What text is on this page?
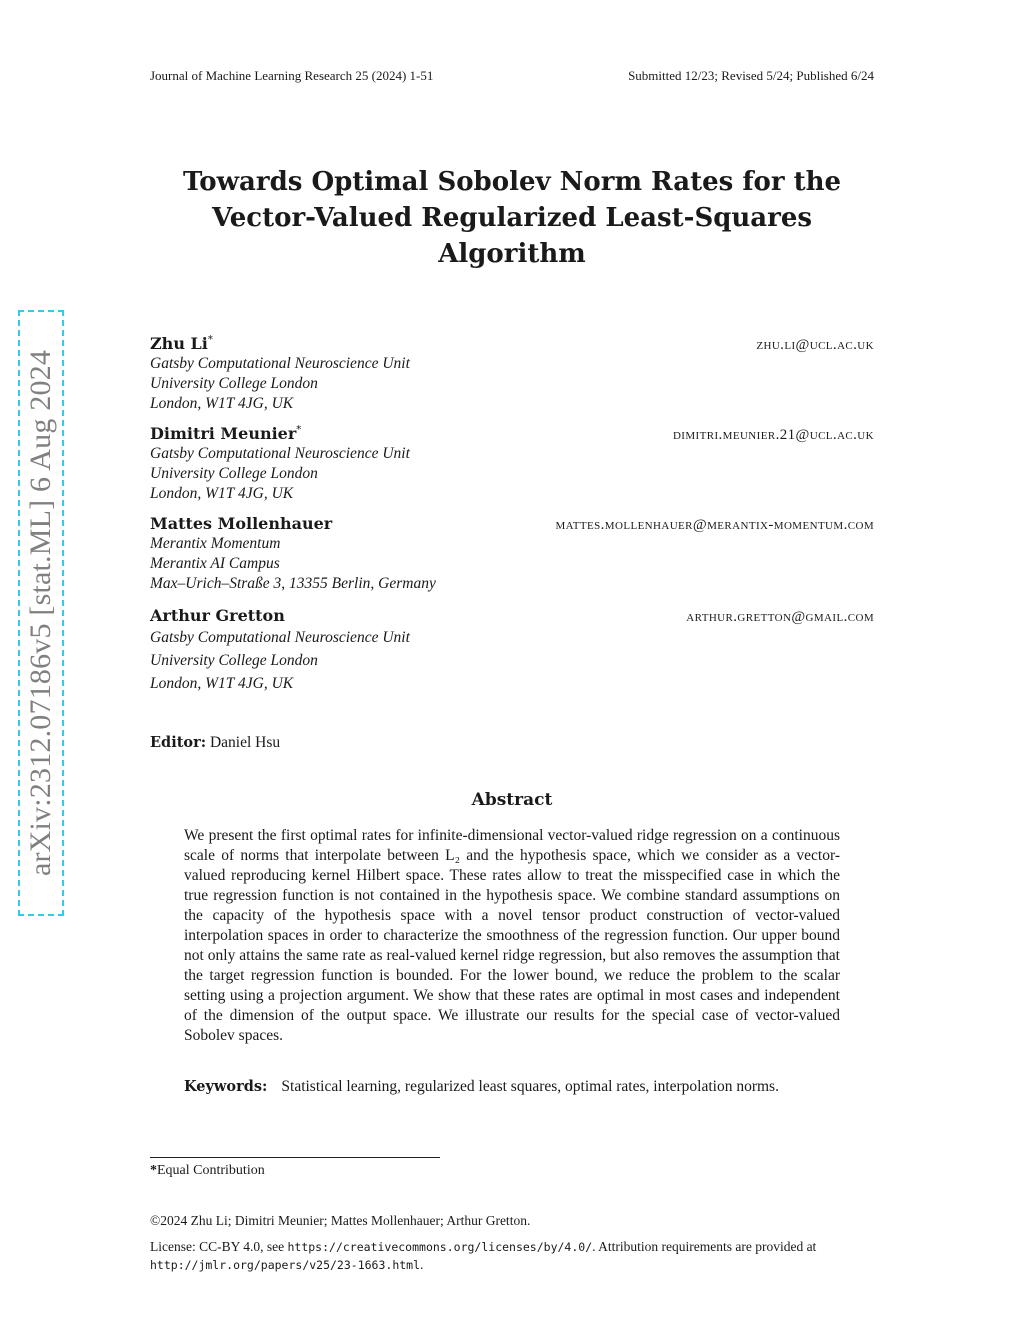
Journal of Machine Learning Research 25 (2024) 1-51	Submitted 12/23; Revised 5/24; Published 6/24
Towards Optimal Sobolev Norm Rates for the
Vector-Valued Regularized Least-Squares
Algorithm
arXiv:2312.07186v5 [stat.ML] 6 Aug 2024
Zhu Li*	zhu.li@ucl.ac.uk
Gatsby Computational Neuroscience Unit
University College London
London, W1T 4JG, UK
Dimitri Meunier*	dimitri.meunier.21@ucl.ac.uk
Gatsby Computational Neuroscience Unit
University College London
London, W1T 4JG, UK
Mattes Mollenhauer	mattes.mollenhauer@merantix-momentum.com
Merantix Momentum
Merantix AI Campus
Max–Urich–Straße 3, 13355 Berlin, Germany
Arthur Gretton	arthur.gretton@gmail.com
Gatsby Computational Neuroscience Unit
University College London
London, W1T 4JG, UK
Editor: Daniel Hsu
Abstract

We present the first optimal rates for infinite-dimensional vector-valued ridge regression on a continuous scale of norms that interpolate between L₂ and the hypothesis space, which we consider as a vector-valued reproducing kernel Hilbert space. These rates allow to treat the misspecified case in which the true regression function is not contained in the hypothesis space. We combine standard assumptions on the capacity of the hypothesis space with a novel tensor product construction of vector-valued interpolation spaces in order to characterize the smoothness of the regression function. Our upper bound not only attains the same rate as real-valued kernel ridge regression, but also removes the assumption that the target regression function is bounded. For the lower bound, we reduce the problem to the scalar setting using a projection argument. We show that these rates are optimal in most cases and independent of the dimension of the output space. We illustrate our results for the special case of vector-valued Sobolev spaces.

Keywords: Statistical learning, regularized least squares, optimal rates, interpolation norms.
*Equal Contribution
©2024 Zhu Li; Dimitri Meunier; Mattes Mollenhauer; Arthur Gretton.
License: CC-BY 4.0, see https://creativecommons.org/licenses/by/4.0/. Attribution requirements are provided at http://jmlr.org/papers/v25/23-1663.html.
